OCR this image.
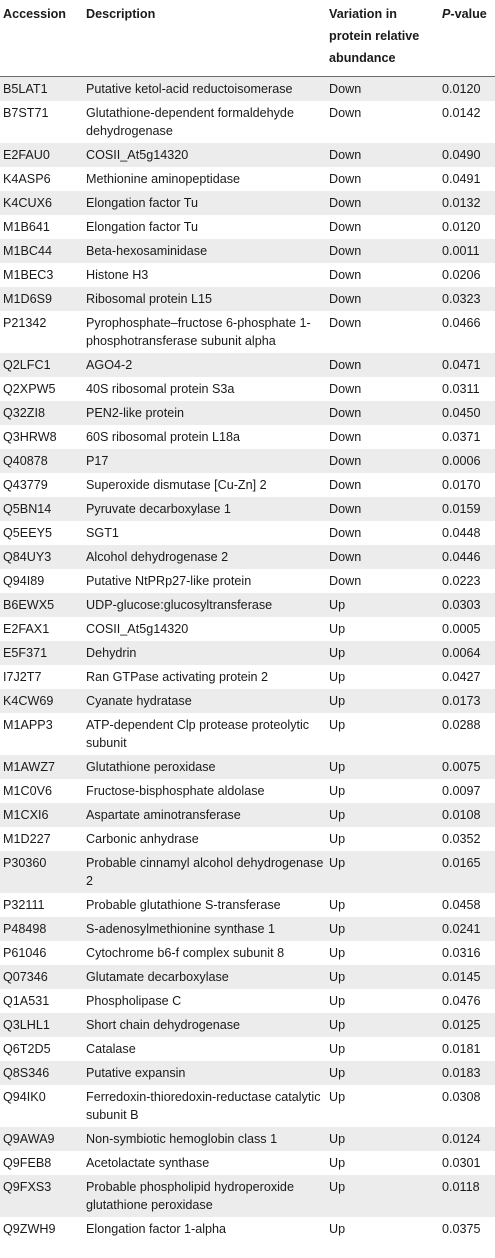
Accession	Description	Variation in protein relative abundance	P-value
B5LAT1	Putative ketol-acid reductoisomerase	Down	0.0120
B7ST71	Glutathione-dependent formaldehyde dehydrogenase	Down	0.0142
E2FAU0	COSII_At5g14320	Down	0.0490
K4ASP6	Methionine aminopeptidase	Down	0.0491
K4CUX6	Elongation factor Tu	Down	0.0132
M1B641	Elongation factor Tu	Down	0.0120
M1BC44	Beta-hexosaminidase	Down	0.0011
M1BEC3	Histone H3	Down	0.0206
M1D6S9	Ribosomal protein L15	Down	0.0323
P21342	Pyrophosphate–fructose 6-phosphate 1-phosphotransferase subunit alpha	Down	0.0466
Q2LFC1	AGO4-2	Down	0.0471
Q2XPW5	40S ribosomal protein S3a	Down	0.0311
Q32ZI8	PEN2-like protein	Down	0.0450
Q3HRW8	60S ribosomal protein L18a	Down	0.0371
Q40878	P17	Down	0.0006
Q43779	Superoxide dismutase [Cu-Zn] 2	Down	0.0170
Q5BN14	Pyruvate decarboxylase 1	Down	0.0159
Q5EEY5	SGT1	Down	0.0448
Q84UY3	Alcohol dehydrogenase 2	Down	0.0446
Q94I89	Putative NtPRp27-like protein	Down	0.0223
B6EWX5	UDP-glucose:glucosyltransferase	Up	0.0303
E2FAX1	COSII_At5g14320	Up	0.0005
E5F371	Dehydrin	Up	0.0064
I7J2T7	Ran GTPase activating protein 2	Up	0.0427
K4CW69	Cyanate hydratase	Up	0.0173
M1APP3	ATP-dependent Clp protease proteolytic subunit	Up	0.0288
M1AWZ7	Glutathione peroxidase	Up	0.0075
M1C0V6	Fructose-bisphosphate aldolase	Up	0.0097
M1CXI6	Aspartate aminotransferase	Up	0.0108
M1D227	Carbonic anhydrase	Up	0.0352
P30360	Probable cinnamyl alcohol dehydrogenase 2	Up	0.0165
P32111	Probable glutathione S-transferase	Up	0.0458
P48498	S-adenosylmethionine synthase 1	Up	0.0241
P61046	Cytochrome b6-f complex subunit 8	Up	0.0316
Q07346	Glutamate decarboxylase	Up	0.0145
Q1A531	Phospholipase C	Up	0.0476
Q3LHL1	Short chain dehydrogenase	Up	0.0125
Q6T2D5	Catalase	Up	0.0181
Q8S346	Putative expansin	Up	0.0183
Q94IK0	Ferredoxin-thioredoxin-reductase catalytic subunit B	Up	0.0308
Q9AWA9	Non-symbiotic hemoglobin class 1	Up	0.0124
Q9FEB8	Acetolactate synthase	Up	0.0301
Q9FXS3	Probable phospholipid hydroperoxide glutathione peroxidase	Up	0.0118
Q9ZWH9	Elongation factor 1-alpha	Up	0.0375
